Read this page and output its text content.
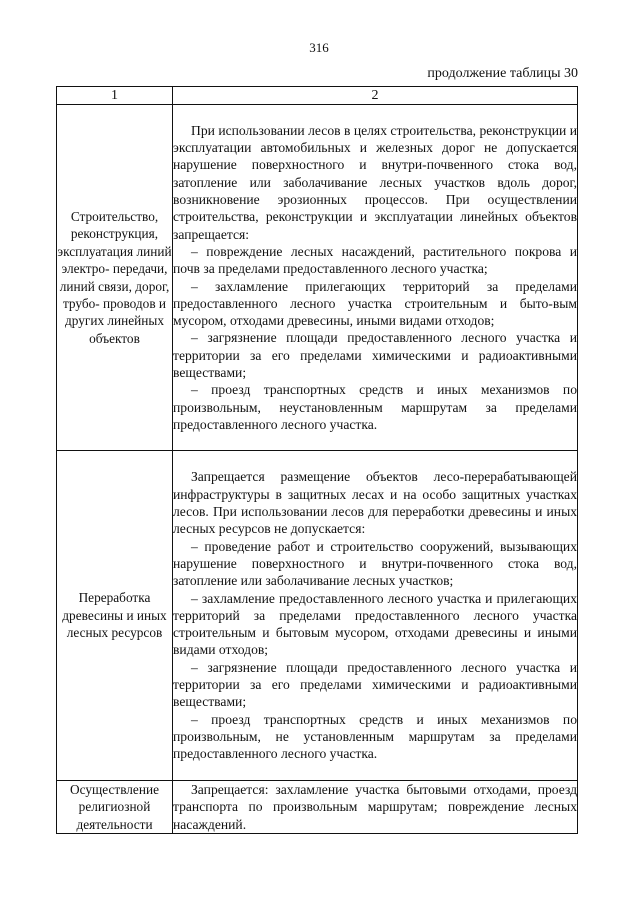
316
продолжение таблицы 30
1	2
Строительство, реконструкция, эксплуатация линий электро- передачи, линий связи, дорог, трубо- проводов и других линейных объектов	При использовании лесов в целях строительства, реконструкции и эксплуатации автомобильных и железных дорог не допускается нарушение поверхностного и внутри-почвенного стока вод, затопление или заболачивание лесных участков вдоль дорог, возникновение эрозионных процессов. При осуществлении строительства, реконструкции и эксплуатации линейных объектов запрещается:

– повреждение лесных насаждений, растительного покрова и почв за пределами предоставленного лесного участка;

– захламление прилегающих территорий за пределами предоставленного лесного участка строительным и быто-вым мусором, отходами древесины, иными видами отходов;

– загрязнение площади предоставленного лесного участка и территории за его пределами химическими и радиоактивными веществами;

– проезд транспортных средств и иных механизмов по произвольным, неустановленным маршрутам за пределами предоставленного лесного участка.

Переработка древесины и иных лесных ресурсов	Запрещается размещение объектов лесо-перерабатывающей инфраструктуры в защитных лесах и на особо защитных участках лесов. При использовании лесов для переработки древесины и иных лесных ресурсов не допускается:

– проведение работ и строительство сооружений, вызывающих нарушение поверхностного и внутри-почвенного стока вод, затопление или заболачивание лесных участков;

– захламление предоставленного лесного участка и прилегающих территорий за пределами предоставленного лесного участка строительным и бытовым мусором, отходами древесины и иными видами отходов;

– загрязнение площади предоставленного лесного участка и территории за его пределами химическими и радиоактивными веществами;

– проезд транспортных средств и иных механизмов по произвольным, не установленным маршрутам за пределами предоставленного лесного участка.

Осуществление религиозной деятельности	Запрещается: захламление участка бытовыми отходами, проезд транспорта по произвольным маршрутам; повреждение лесных насаждений.
